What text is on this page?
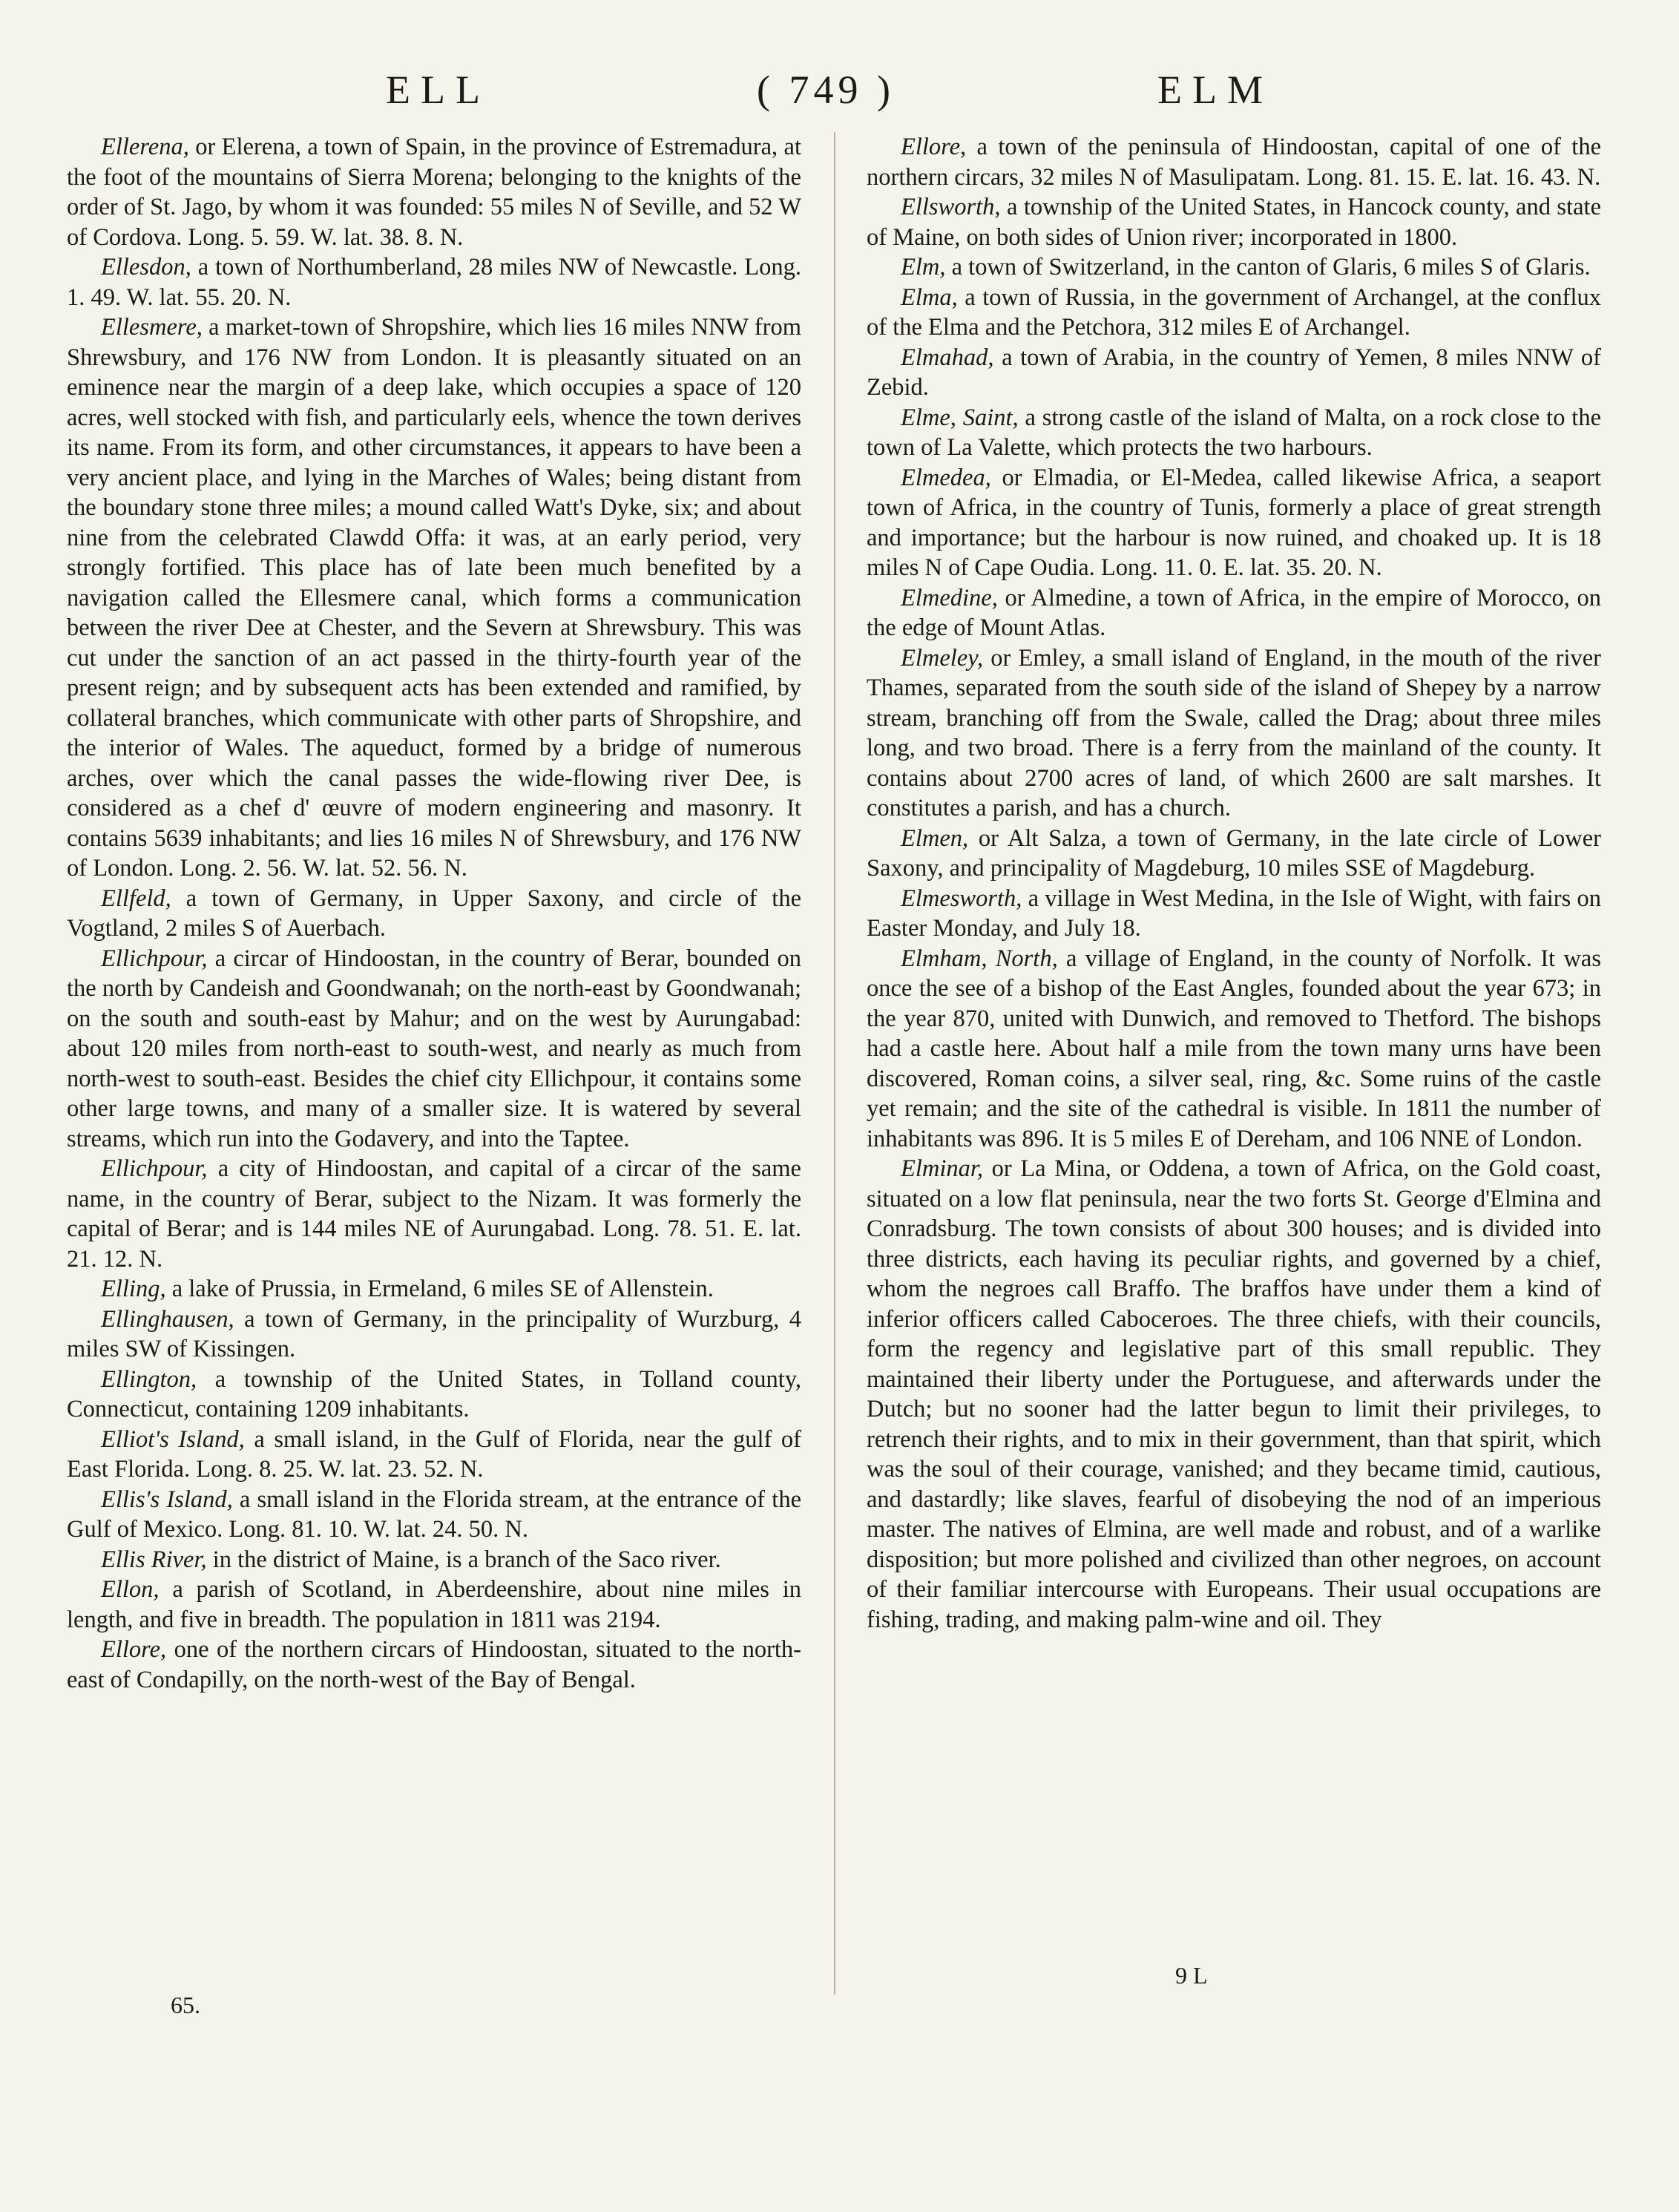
ELL	( 749 )	ELM

Ellerena, or Elerena, a town of Spain, in the province of Estremadura, at the foot of the mountains of Sierra Morena; belonging to the knights of the order of St. Jago, by whom it was founded: 55 miles N of Seville, and 52 W of Cordova. Long. 5. 59. W. lat. 38. 8. N.

Ellesdon, a town of Northumberland, 28 miles NW of Newcastle. Long. 1. 49. W. lat. 55. 20. N.

Ellesmere, a market-town of Shropshire, which lies 16 miles NNW from Shrewsbury, and 176 NW from London. It is pleasantly situated on an eminence near the margin of a deep lake, which occupies a space of 120 acres, well stocked with fish, and particularly eels, whence the town derives its name. From its form, and other circumstances, it appears to have been a very ancient place, and lying in the Marches of Wales; being distant from the boundary stone three miles; a mound called Watt's Dyke, six; and about nine from the celebrated Clawdd Offa: it was, at an early period, very strongly fortified. This place has of late been much benefited by a navigation called the Ellesmere canal, which forms a communication between the river Dee at Chester, and the Severn at Shrewsbury. This was cut under the sanction of an act passed in the thirty-fourth year of the present reign; and by subsequent acts has been extended and ramified, by collateral branches, which communicate with other parts of Shropshire, and the interior of Wales. The aqueduct, formed by a bridge of numerous arches, over which the canal passes the wide-flowing river Dee, is considered as a chef d' œuvre of modern engineering and masonry. It contains 5639 inhabitants; and lies 16 miles N of Shrewsbury, and 176 NW of London. Long. 2. 56. W. lat. 52. 56. N.

Ellfeld, a town of Germany, in Upper Saxony, and circle of the Vogtland, 2 miles S of Auerbach.

Ellichpour, a circar of Hindoostan, in the country of Berar, bounded on the north by Candeish and Goondwanah; on the north-east by Goondwanah; on the south and south-east by Mahur; and on the west by Aurungabad: about 120 miles from north-east to south-west, and nearly as much from north-west to south-east. Besides the chief city Ellichpour, it contains some other large towns, and many of a smaller size. It is watered by several streams, which run into the Godavery, and into the Taptee.

Ellichpour, a city of Hindoostan, and capital of a circar of the same name, in the country of Berar, subject to the Nizam. It was formerly the capital of Berar; and is 144 miles NE of Aurungabad. Long. 78. 51. E. lat. 21. 12. N.

Elling, a lake of Prussia, in Ermeland, 6 miles SE of Allenstein.

Ellinghausen, a town of Germany, in the principality of Wurzburg, 4 miles SW of Kissingen.

Ellington, a township of the United States, in Tolland county, Connecticut, containing 1209 inhabitants.

Elliot's Island, a small island, in the Gulf of Florida, near the gulf of East Florida. Long. 8. 25. W. lat. 23. 52. N.

Ellis's Island, a small island in the Florida stream, at the entrance of the Gulf of Mexico. Long. 81. 10. W. lat. 24. 50. N.

Ellis River, in the district of Maine, is a branch of the Saco river.

Ellon, a parish of Scotland, in Aberdeenshire, about nine miles in length, and five in breadth. The population in 1811 was 2194.

Ellore, one of the northern circars of Hindoostan, situated to the north-east of Condapilly, on the north-west of the Bay of Bengal.

Ellore, a town of the peninsula of Hindoostan, capital of one of the northern circars, 32 miles N of Masulipatam. Long. 81. 15. E. lat. 16. 43. N.

Ellsworth, a township of the United States, in Hancock county, and state of Maine, on both sides of Union river; incorporated in 1800.

Elm, a town of Switzerland, in the canton of Glaris, 6 miles S of Glaris.

Elma, a town of Russia, in the government of Archangel, at the conflux of the Elma and the Petchora, 312 miles E of Archangel.

Elmahad, a town of Arabia, in the country of Yemen, 8 miles NNW of Zebid.

Elme, Saint, a strong castle of the island of Malta, on a rock close to the town of La Valette, which protects the two harbours.

Elmedea, or Elmadia, or El-Medea, called likewise Africa, a seaport town of Africa, in the country of Tunis, formerly a place of great strength and importance; but the harbour is now ruined, and choaked up. It is 18 miles N of Cape Oudia. Long. 11. 0. E. lat. 35. 20. N.

Elmedine, or Almedine, a town of Africa, in the empire of Morocco, on the edge of Mount Atlas.

Elmeley, or Emley, a small island of England, in the mouth of the river Thames, separated from the south side of the island of Shepey by a narrow stream, branching off from the Swale, called the Drag; about three miles long, and two broad. There is a ferry from the mainland of the county. It contains about 2700 acres of land, of which 2600 are salt marshes. It constitutes a parish, and has a church.

Elmen, or Alt Salza, a town of Germany, in the late circle of Lower Saxony, and principality of Magdeburg, 10 miles SSE of Magdeburg.

Elmesworth, a village in West Medina, in the Isle of Wight, with fairs on Easter Monday, and July 18.

Elmham, North, a village of England, in the county of Norfolk. It was once the see of a bishop of the East Angles, founded about the year 673; in the year 870, united with Dunwich, and removed to Thetford. The bishops had a castle here. About half a mile from the town many urns have been discovered, Roman coins, a silver seal, ring, &c. Some ruins of the castle yet remain; and the site of the cathedral is visible. In 1811 the number of inhabitants was 896. It is 5 miles E of Dereham, and 106 NNE of London.

Elminar, or La Mina, or Oddena, a town of Africa, on the Gold coast, situated on a low flat peninsula, near the two forts St. George d'Elmina and Conradsburg. The town consists of about 300 houses; and is divided into three districts, each having its peculiar rights, and governed by a chief, whom the negroes call Braffo. The braffos have under them a kind of inferior officers called Caboceroes. The three chiefs, with their councils, form the regency and legislative part of this small republic. They maintained their liberty under the Portuguese, and afterwards under the Dutch; but no sooner had the latter begun to limit their privileges, to retrench their rights, and to mix in their government, than that spirit, which was the soul of their courage, vanished; and they became timid, cautious, and dastardly; like slaves, fearful of disobeying the nod of an imperious master. The natives of Elmina, are well made and robust, and of a warlike disposition; but more polished and civilized than other negroes, on account of their familiar intercourse with Europeans. Their usual occupations are fishing, trading, and making palm-wine and oil. They

65.
9 L
